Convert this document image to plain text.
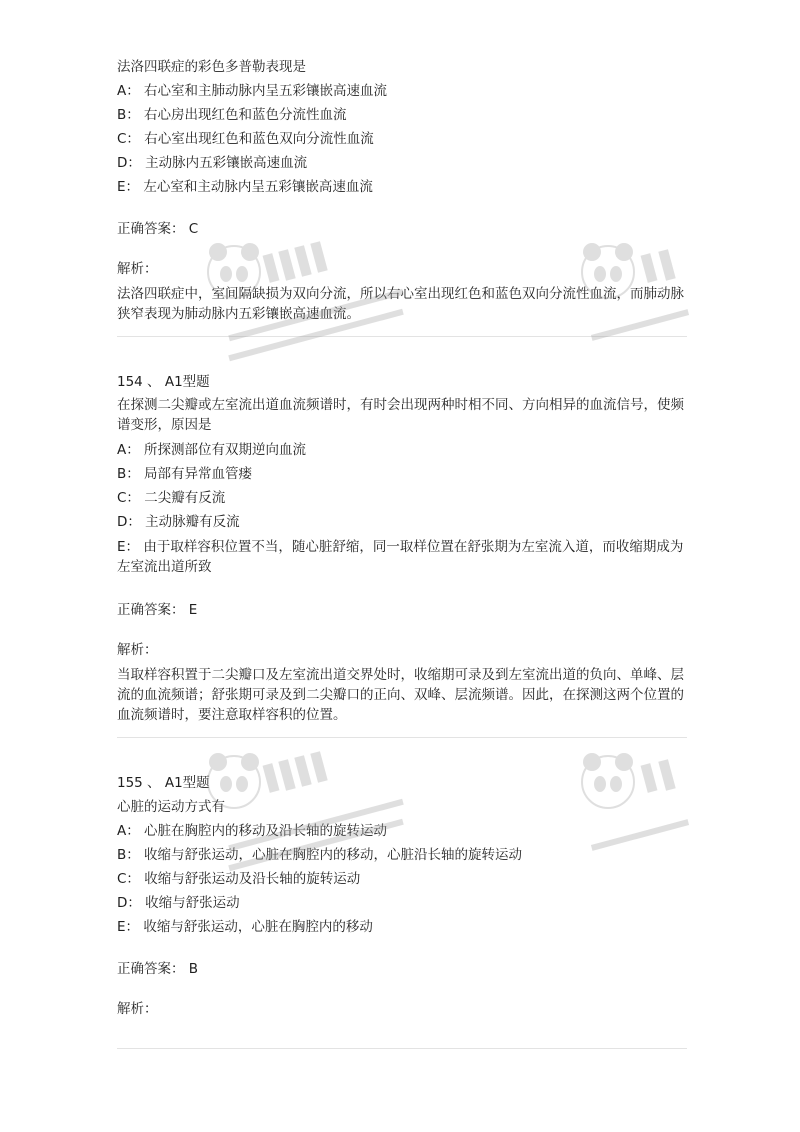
法洛四联症的彩色多普勒表现是
A： 右心室和主肺动脉内呈五彩镶嵌高速血流
B： 右心房出现红色和蓝色分流性血流
C： 右心室出现红色和蓝色双向分流性血流
D： 主动脉内五彩镶嵌高速血流
E： 左心室和主动脉内呈五彩镶嵌高速血流
正确答案： C
解析：
法洛四联症中，室间隔缺损为双向分流，所以右心室出现红色和蓝色双向分流性血流，而肺动脉狭窄表现为肺动脉内五彩镶嵌高速血流。
154 、 A1型题
在探测二尖瓣或左室流出道血流频谱时，有时会出现两种时相不同、方向相异的血流信号，使频谱变形，原因是
A： 所探测部位有双期逆向血流
B： 局部有异常血管瘘
C： 二尖瓣有反流
D： 主动脉瓣有反流
E： 由于取样容积位置不当，随心脏舒缩，同一取样位置在舒张期为左室流入道，而收缩期成为左室流出道所致
正确答案： E
解析：
当取样容积置于二尖瓣口及左室流出道交界处时，收缩期可录及到左室流出道的负向、单峰、层流的血流频谱；舒张期可录及到二尖瓣口的正向、双峰、层流频谱。因此，在探测这两个位置的血流频谱时，要注意取样容积的位置。
155 、 A1型题
心脏的运动方式有
A： 心脏在胸腔内的移动及沿长轴的旋转运动
B： 收缩与舒张运动，心脏在胸腔内的移动，心脏沿长轴的旋转运动
C： 收缩与舒张运动及沿长轴的旋转运动
D： 收缩与舒张运动
E： 收缩与舒张运动，心脏在胸腔内的移动
正确答案： B
解析：
